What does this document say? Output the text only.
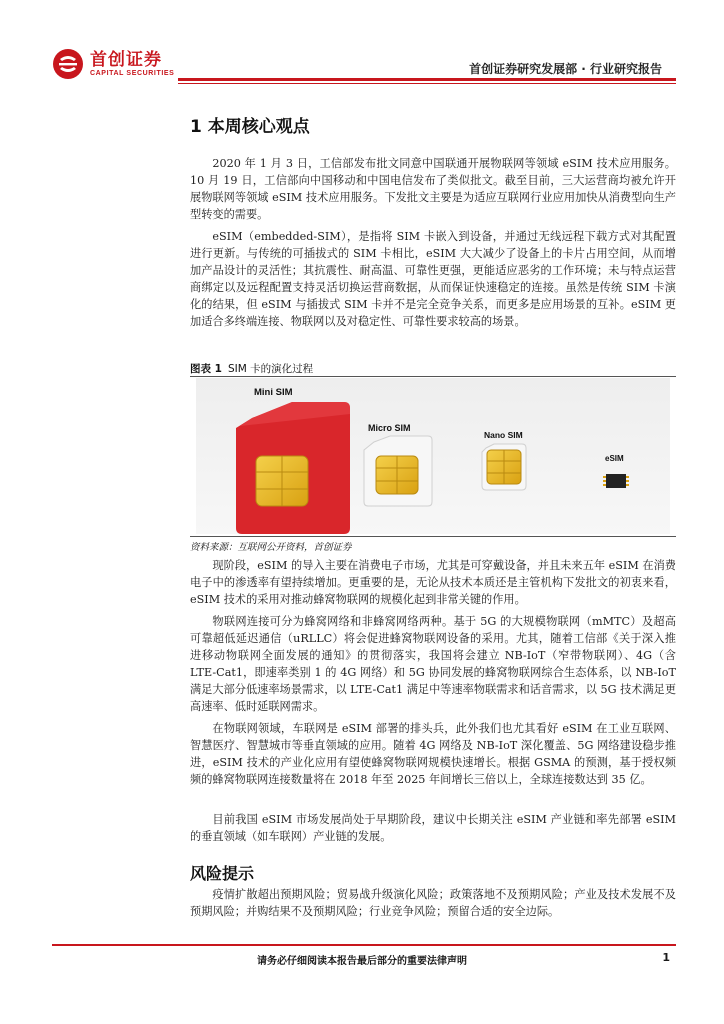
首创证券
CAPITAL SECURITIES	首创证券研究发展部 · 行业研究报告
1 本周核心观点

2020 年 1 月 3 日，工信部发布批文同意中国联通开展物联网等领域 eSIM 技术应用服务。10 月 19 日，工信部向中国移动和中国电信发布了类似批文。截至目前，三大运营商均被允许开展物联网等领域 eSIM 技术应用服务。下发批文主要是为适应互联网行业应用加快从消费型向生产型转变的需要。

eSIM（embedded-SIM），是指将 SIM 卡嵌入到设备，并通过无线远程下载方式对其配置进行更新。与传统的可插拔式的 SIM 卡相比，eSIM 大大减少了设备上的卡片占用空间，从而增加产品设计的灵活性；其抗震性、耐高温、可靠性更强，更能适应恶劣的工作环境；未与特点运营商绑定以及远程配置支持灵活切换运营商数据，从而保证快速稳定的连接。虽然是传统 SIM 卡演化的结果，但 eSIM 与插拔式 SIM 卡并不是完全竞争关系，而更多是应用场景的互补。eSIM 更加适合多终端连接、物联网以及对稳定性、可靠性要求较高的场景。

图表 1 SIM 卡的演化过程
Mini SIM
Micro SIM
Nano SIM
eSIM
资料来源：互联网公开资料，首创证券

现阶段，eSIM 的导入主要在消费电子市场，尤其是可穿戴设备，并且未来五年 eSIM 在消费电子中的渗透率有望持续增加。更重要的是，无论从技术本质还是主管机构下发批文的初衷来看，eSIM 技术的采用对推动蜂窝物联网的规模化起到非常关键的作用。

物联网连接可分为蜂窝网络和非蜂窝网络两种。基于 5G 的大规模物联网（mMTC）及超高可靠超低延迟通信（uRLLC）将会促进蜂窝物联网设备的采用。尤其，随着工信部《关于深入推进移动物联网全面发展的通知》的贯彻落实，我国将会建立 NB-IoT（窄带物联网）、4G（含 LTE-Cat1，即速率类别 1 的 4G 网络）和 5G 协同发展的蜂窝物联网综合生态体系，以 NB-IoT 满足大部分低速率场景需求，以 LTE-Cat1 满足中等速率物联需求和话音需求，以 5G 技术满足更高速率、低时延联网需求。

在物联网领域，车联网是 eSIM 部署的排头兵，此外我们也尤其看好 eSIM 在工业互联网、智慧医疗、智慧城市等垂直领域的应用。随着 4G 网络及 NB-IoT 深化覆盖、5G 网络建设稳步推进，eSIM 技术的产业化应用有望使蜂窝物联网规模快速增长。根据 GSMA 的预测，基于授权频频的蜂窝物联网连接数量将在 2018 年至 2025 年间增长三倍以上，全球连接数达到 35 亿。

目前我国 eSIM 市场发展尚处于早期阶段，建议中长期关注 eSIM 产业链和率先部署 eSIM 的垂直领域（如车联网）产业链的发展。

风险提示

疫情扩散超出预期风险；贸易战升级演化风险；政策落地不及预期风险；产业及技术发展不及预期风险；并购结果不及预期风险；行业竞争风险；预留合适的安全边际。

请务必仔细阅读本报告最后部分的重要法律声明	1
